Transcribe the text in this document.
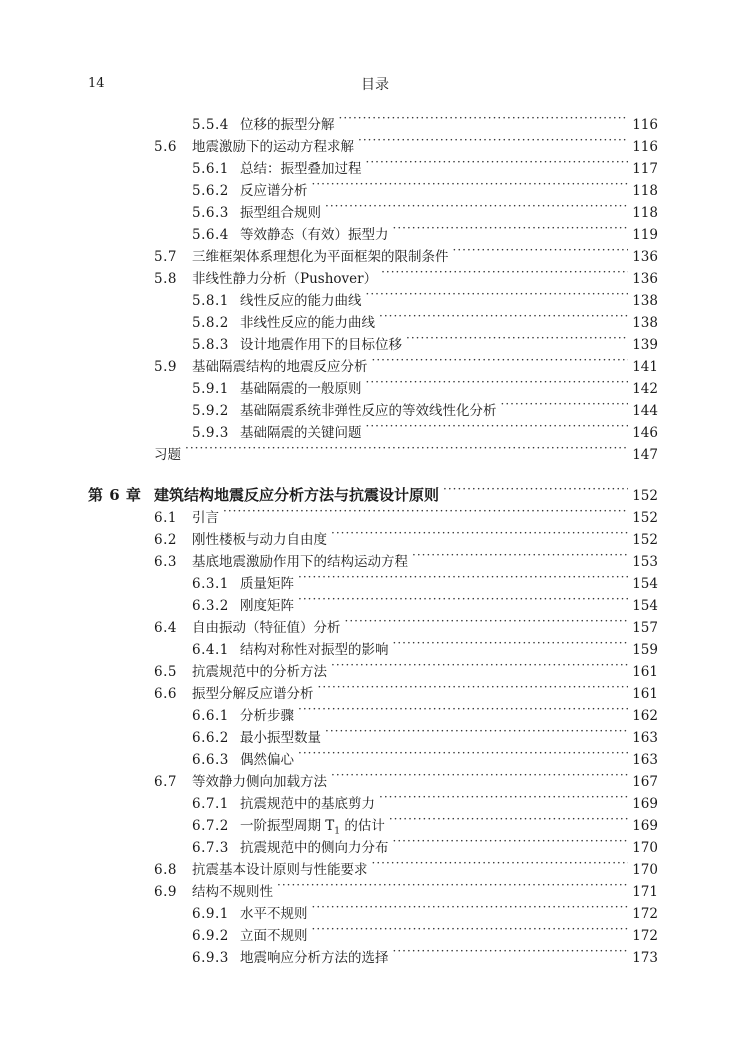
14	目录
5.5.4 位移的振型分解 ·····	116
5.6	地震激励下的运动方程求解 ·····	116
5.6.1 总结：振型叠加过程 ·····	117
5.6.2 反应谱分析 ·····	118
5.6.3 振型组合规则 ·····	118
5.6.4 等效静态（有效）振型力 ·····	119
5.7	三维框架体系理想化为平面框架的限制条件 ·····	136
5.8	非线性静力分析（Pushover） ·····	136
5.8.1 线性反应的能力曲线 ·····	138
5.8.2 非线性反应的能力曲线 ·····	138
5.8.3 设计地震作用下的目标位移 ·····	139
5.9	基础隔震结构的地震反应分析 ·····	141
5.9.1 基础隔震的一般原则 ·····	142
5.9.2 基础隔震系统非弹性反应的等效线性化分析 ·····	144
5.9.3 基础隔震的关键问题 ·····	146
习题 ·····	147
第 6 章 建筑结构地震反应分析方法与抗震设计原则 ·····	152
6.1	引言 ·····	152
6.2	刚性楼板与动力自由度 ·····	152
6.3	基底地震激励作用下的结构运动方程 ·····	153
6.3.1 质量矩阵 ·····	154
6.3.2 刚度矩阵 ·····	154
6.4	自由振动（特征值）分析 ·····	157
6.4.1 结构对称性对振型的影响 ·····	159
6.5	抗震规范中的分析方法 ·····	161
6.6	振型分解反应谱分析 ·····	161
6.6.1 分析步骤 ·····	162
6.6.2 最小振型数量 ·····	163
6.6.3 偶然偏心 ·····	163
6.7	等效静力侧向加载方法 ·····	167
6.7.1 抗震规范中的基底剪力 ·····	169
6.7.2 一阶振型周期 $T_1$ 的估计 ·····	169
6.7.3 抗震规范中的侧向力分布 ·····	170
6.8	抗震基本设计原则与性能要求 ·····	170
6.9	结构不规则性 ·····	171
6.9.1 水平不规则 ·····	172
6.9.2 立面不规则 ·····	172
6.9.3 地震响应分析方法的选择 ·····	173
